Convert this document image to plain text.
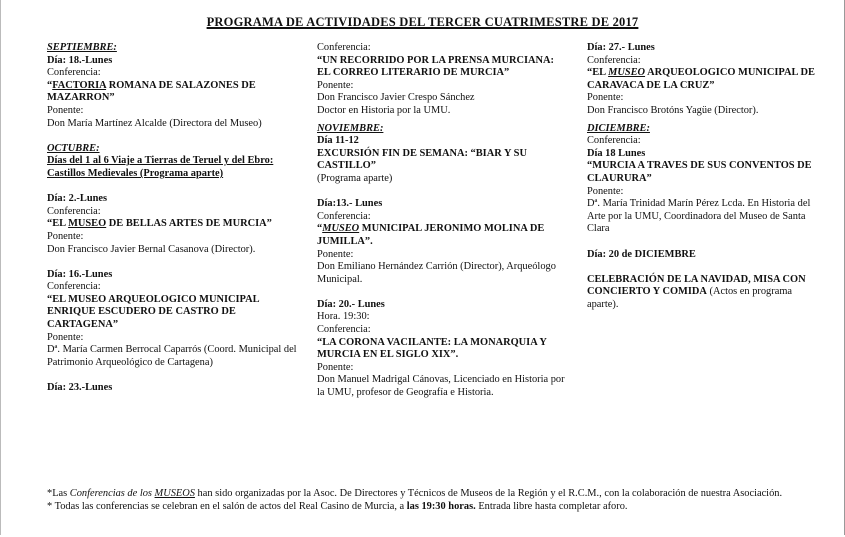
PROGRAMA DE ACTIVIDADES DEL TERCER CUATRIMESTRE DE 2017
SEPTIEMBRE:
Día: 18.-Lunes
Conferencia:
“FACTORIA ROMANA DE SALAZONES DE MAZARRON”
Ponente:
Don María Martínez Alcalde (Directora del Museo)
OCTUBRE:
Días del 1 al 6 Viaje a Tierras de Teruel y del Ebro: Castillos Medievales (Programa aparte)
Día: 2.-Lunes
Conferencia:
“EL MUSEO DE BELLAS ARTES DE MURCIA”
Ponente:
Don Francisco Javier Bernal Casanova (Director).
Día: 16.-Lunes
Conferencia:
“EL MUSEO ARQUEOLOGICO MUNICIPAL ENRIQUE ESCUDERO DE CASTRO DE CARTAGENA”
Ponente:
Dª. María Carmen Berrocal Caparrós (Coord. Municipal del Patrimonio Arqueológico de Cartagena)
Día: 23.-Lunes
Conferencia:
“UN RECORRIDO POR LA PRENSA MURCIANA: EL CORREO LITERARIO DE MURCIA”
Ponente:
Don Francisco Javier Crespo Sánchez
Doctor en Historia por la UMU.
NOVIEMBRE:
Día 11-12
EXCURSIÓN FIN DE SEMANA: “BIAR Y SU CASTILLO”
(Programa aparte)
Día:13.- Lunes
Conferencia:
“MUSEO MUNICIPAL JERONIMO MOLINA DE JUMILLA”.
Ponente:
Don Emiliano Hernández Carrión (Director), Arqueólogo Municipal.
Día: 20.- Lunes
Hora. 19:30:
Conferencia:
“LA CORONA VACILANTE: LA MONARQUIA Y MURCIA EN EL SIGLO XIX”.
Ponente:
Don Manuel Madrigal Cánovas, Licenciado en Historia por la UMU, profesor de Geografía e Historia.
Día: 27.- Lunes
Conferencia:
“EL MUSEO ARQUEOLOGICO MUNICIPAL DE CARAVACA DE LA CRUZ”
Ponente:
Don Francisco Brotóns Yagüe (Director).
DICIEMBRE:
Conferencia:
Día 18 Lunes
“MURCIA A TRAVES DE SUS CONVENTOS DE CLAURURA”
Ponente:
Dª. María Trinidad Marín Pérez Lcda. En Historia del Arte por la UMU, Coordinadora del Museo de Santa Clara
Día: 20 de DICIEMBRE
CELEBRACIÓN DE LA NAVIDAD, MISA CON CONCIERTO Y COMIDA (Actos en programa aparte).

*Las Conferencias de los MUSEOS han sido organizadas por la Asoc. De Directores y Técnicos de Museos de la Región y el R.C.M., con la colaboración de nuestra Asociación.

* Todas las conferencias se celebran en el salón de actos del Real Casino de Murcia, a las 19:30 horas. Entrada libre hasta completar aforo.
